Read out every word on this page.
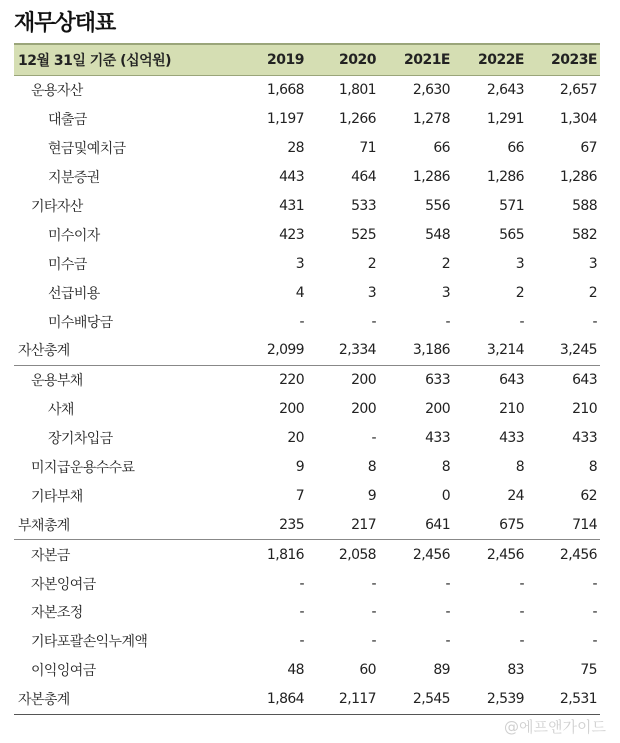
재무상태표
12월 31일 기준 (십억원)	2019	2020	2021E	2022E	2023E
운용자산	1,668	1,801	2,630	2,643	2,657
대출금	1,197	1,266	1,278	1,291	1,304
현금및예치금	28	71	66	66	67
지분증권	443	464	1,286	1,286	1,286
기타자산	431	533	556	571	588
미수이자	423	525	548	565	582
미수금	3	2	2	3	3
선급비용	4	3	3	2	2
미수배당금	-	-	-	-	-
자산총계	2,099	2,334	3,186	3,214	3,245
운용부채	220	200	633	643	643
사채	200	200	200	210	210
장기차입금	20	-	433	433	433
미지급운용수수료	9	8	8	8	8
기타부채	7	9	0	24	62
부채총계	235	217	641	675	714
자본금	1,816	2,058	2,456	2,456	2,456
자본잉여금	-	-	-	-	-
자본조정	-	-	-	-	-
기타포괄손익누계액	-	-	-	-	-
이익잉여금	48	60	89	83	75
자본총계	1,864	2,117	2,545	2,539	2,531
@에프앤가이드
